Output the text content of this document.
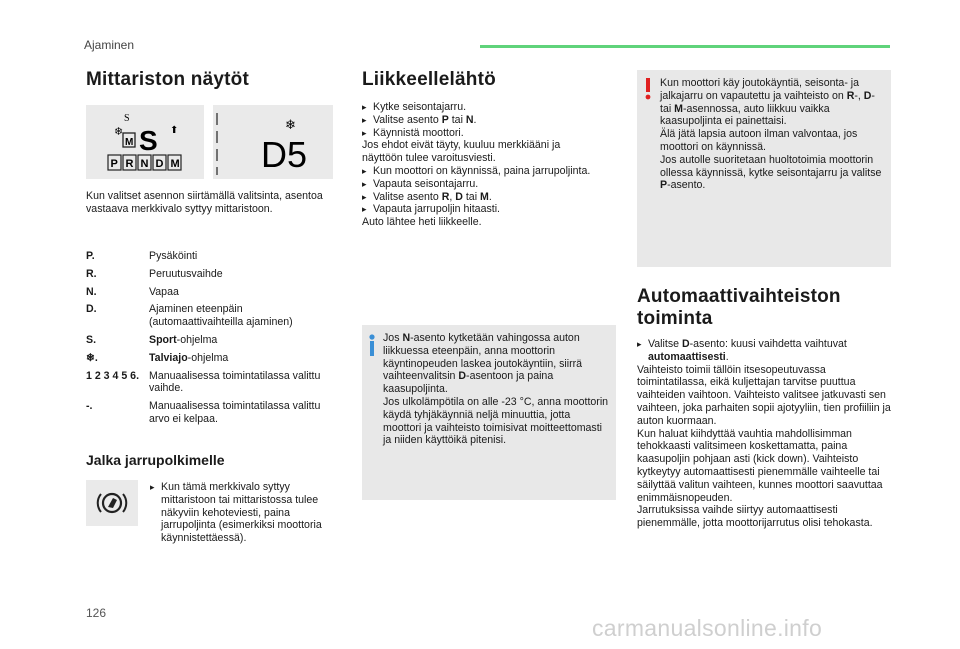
Ajaminen
Mittariston näytöt
S
❄
M S ⬆
P R N D M
❄
D5
Kun valitset asennon siirtämällä valitsinta, asentoa vastaava merkkivalo syttyy mittaristoon.
P.	Pysäköinti
R.	Peruutusvaihde
N.	Vapaa
D.	Ajaminen eteenpäin (automaattivaihteilla ajaminen)
S.	Sport-ohjelma
❄.	Talviajo-ohjelma
1 2 3 4 5 6. Manuaalisessa toimintatilassa valittu vaihde.
-.	Manuaalisessa toimintatilassa valittu arvo ei kelpaa.
Jalka jarrupolkimelle
▸ Kun tämä merkkivalo syttyy mittaristoon tai mittaristossa tulee näkyviin kehoteviesti, paina jarrupoljinta (esimerkiksi moottoria käynnistettäessä).
Liikkeellelähtö

▸ Kytke seisontajarru.

▸ Valitse asento P tai N.

▸ Käynnistä moottori.

Jos ehdot eivät täyty, kuuluu merkkiääni ja näyttöön tulee varoitusviesti.

▸ Kun moottori on käynnissä, paina jarrupoljinta.

▸ Vapauta seisontajarru.

▸ Valitse asento R, D tai M.

▸ Vapauta jarrupoljin hitaasti.

Auto lähtee heti liikkeelle.

Jos N-asento kytketään vahingossa auton liikkuessa eteenpäin, anna moottorin käyntinopeuden laskea joutokäyntiin, siirrä vaihteenvalitsin D-asentoon ja paina kaasupoljinta.

Jos ulkolämpötila on alle -23 °C, anna moottorin käydä tyhjäkäynniä neljä minuuttia, jotta moottori ja vaihteisto toimisivat moitteettomasti ja niiden käyttöikä pitenisi.

Kun moottori käy joutokäyntiä, seisonta- ja jalkajarru on vapautettu ja vaihteisto on R-, D- tai M-asennossa, auto liikkuu vaikka kaasupoljinta ei painettaisi.

Älä jätä lapsia autoon ilman valvontaa, jos moottori on käynnissä.

Jos autolle suoritetaan huoltotoimia moottorin ollessa käynnissä, kytke seisontajarru ja valitse P-asento.

Automaattivaihteiston toiminta

▸ Valitse D-asento: kuusi vaihdetta vaihtuvat automaattisesti.

Vaihteisto toimii tällöin itsesopeutuvassa toimintatilassa, eikä kuljettajan tarvitse puuttua vaihteiden vaihtoon. Vaihteisto valitsee jatkuvasti sen vaihteen, joka parhaiten sopii ajotyyliin, tien profiiliin ja auton kuormaan.

Kun haluat kiihdyttää vauhtia mahdollisimman tehokkaasti valitsimeen koskettamatta, paina kaasupoljin pohjaan asti (kick down). Vaihteisto kytkeytyy automaattisesti pienemmälle vaihteelle tai säilyttää valitun vaihteen, kunnes moottori saavuttaa enimmäisnopeuden.

Jarrutuksissa vaihde siirtyy automaattisesti pienemmälle, jotta moottorijarrutus olisi tehokasta.

126
carmanualsonline.info
